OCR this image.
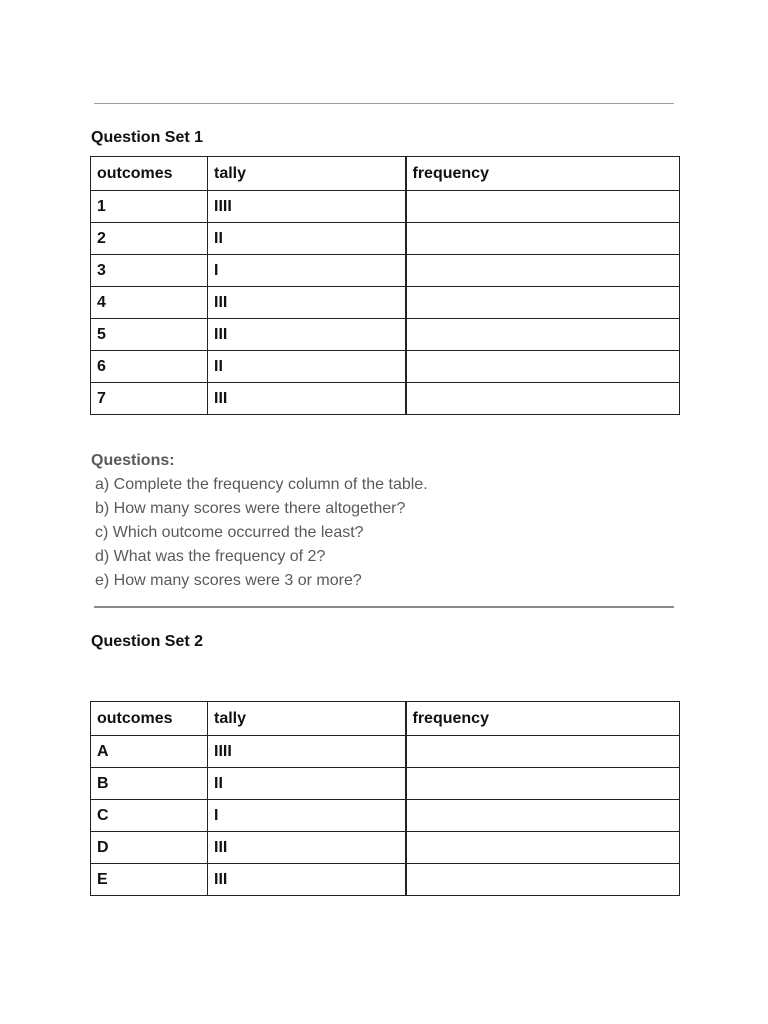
Question Set 1
outcomes	tally	frequency
1	IIII	
2	II	
3	I	
4	III	
5	III	
6	II	
7	III	

Questions:

a) Complete the frequency column of the table.
b) How many scores were there altogether?
c) Which outcome occurred the least?
d) What was the frequency of 2?
e) How many scores were 3 or more?
Question Set 2
outcomes	tally	frequency
A	IIII	
B	II	
C	I	
D	III	
E	III	
